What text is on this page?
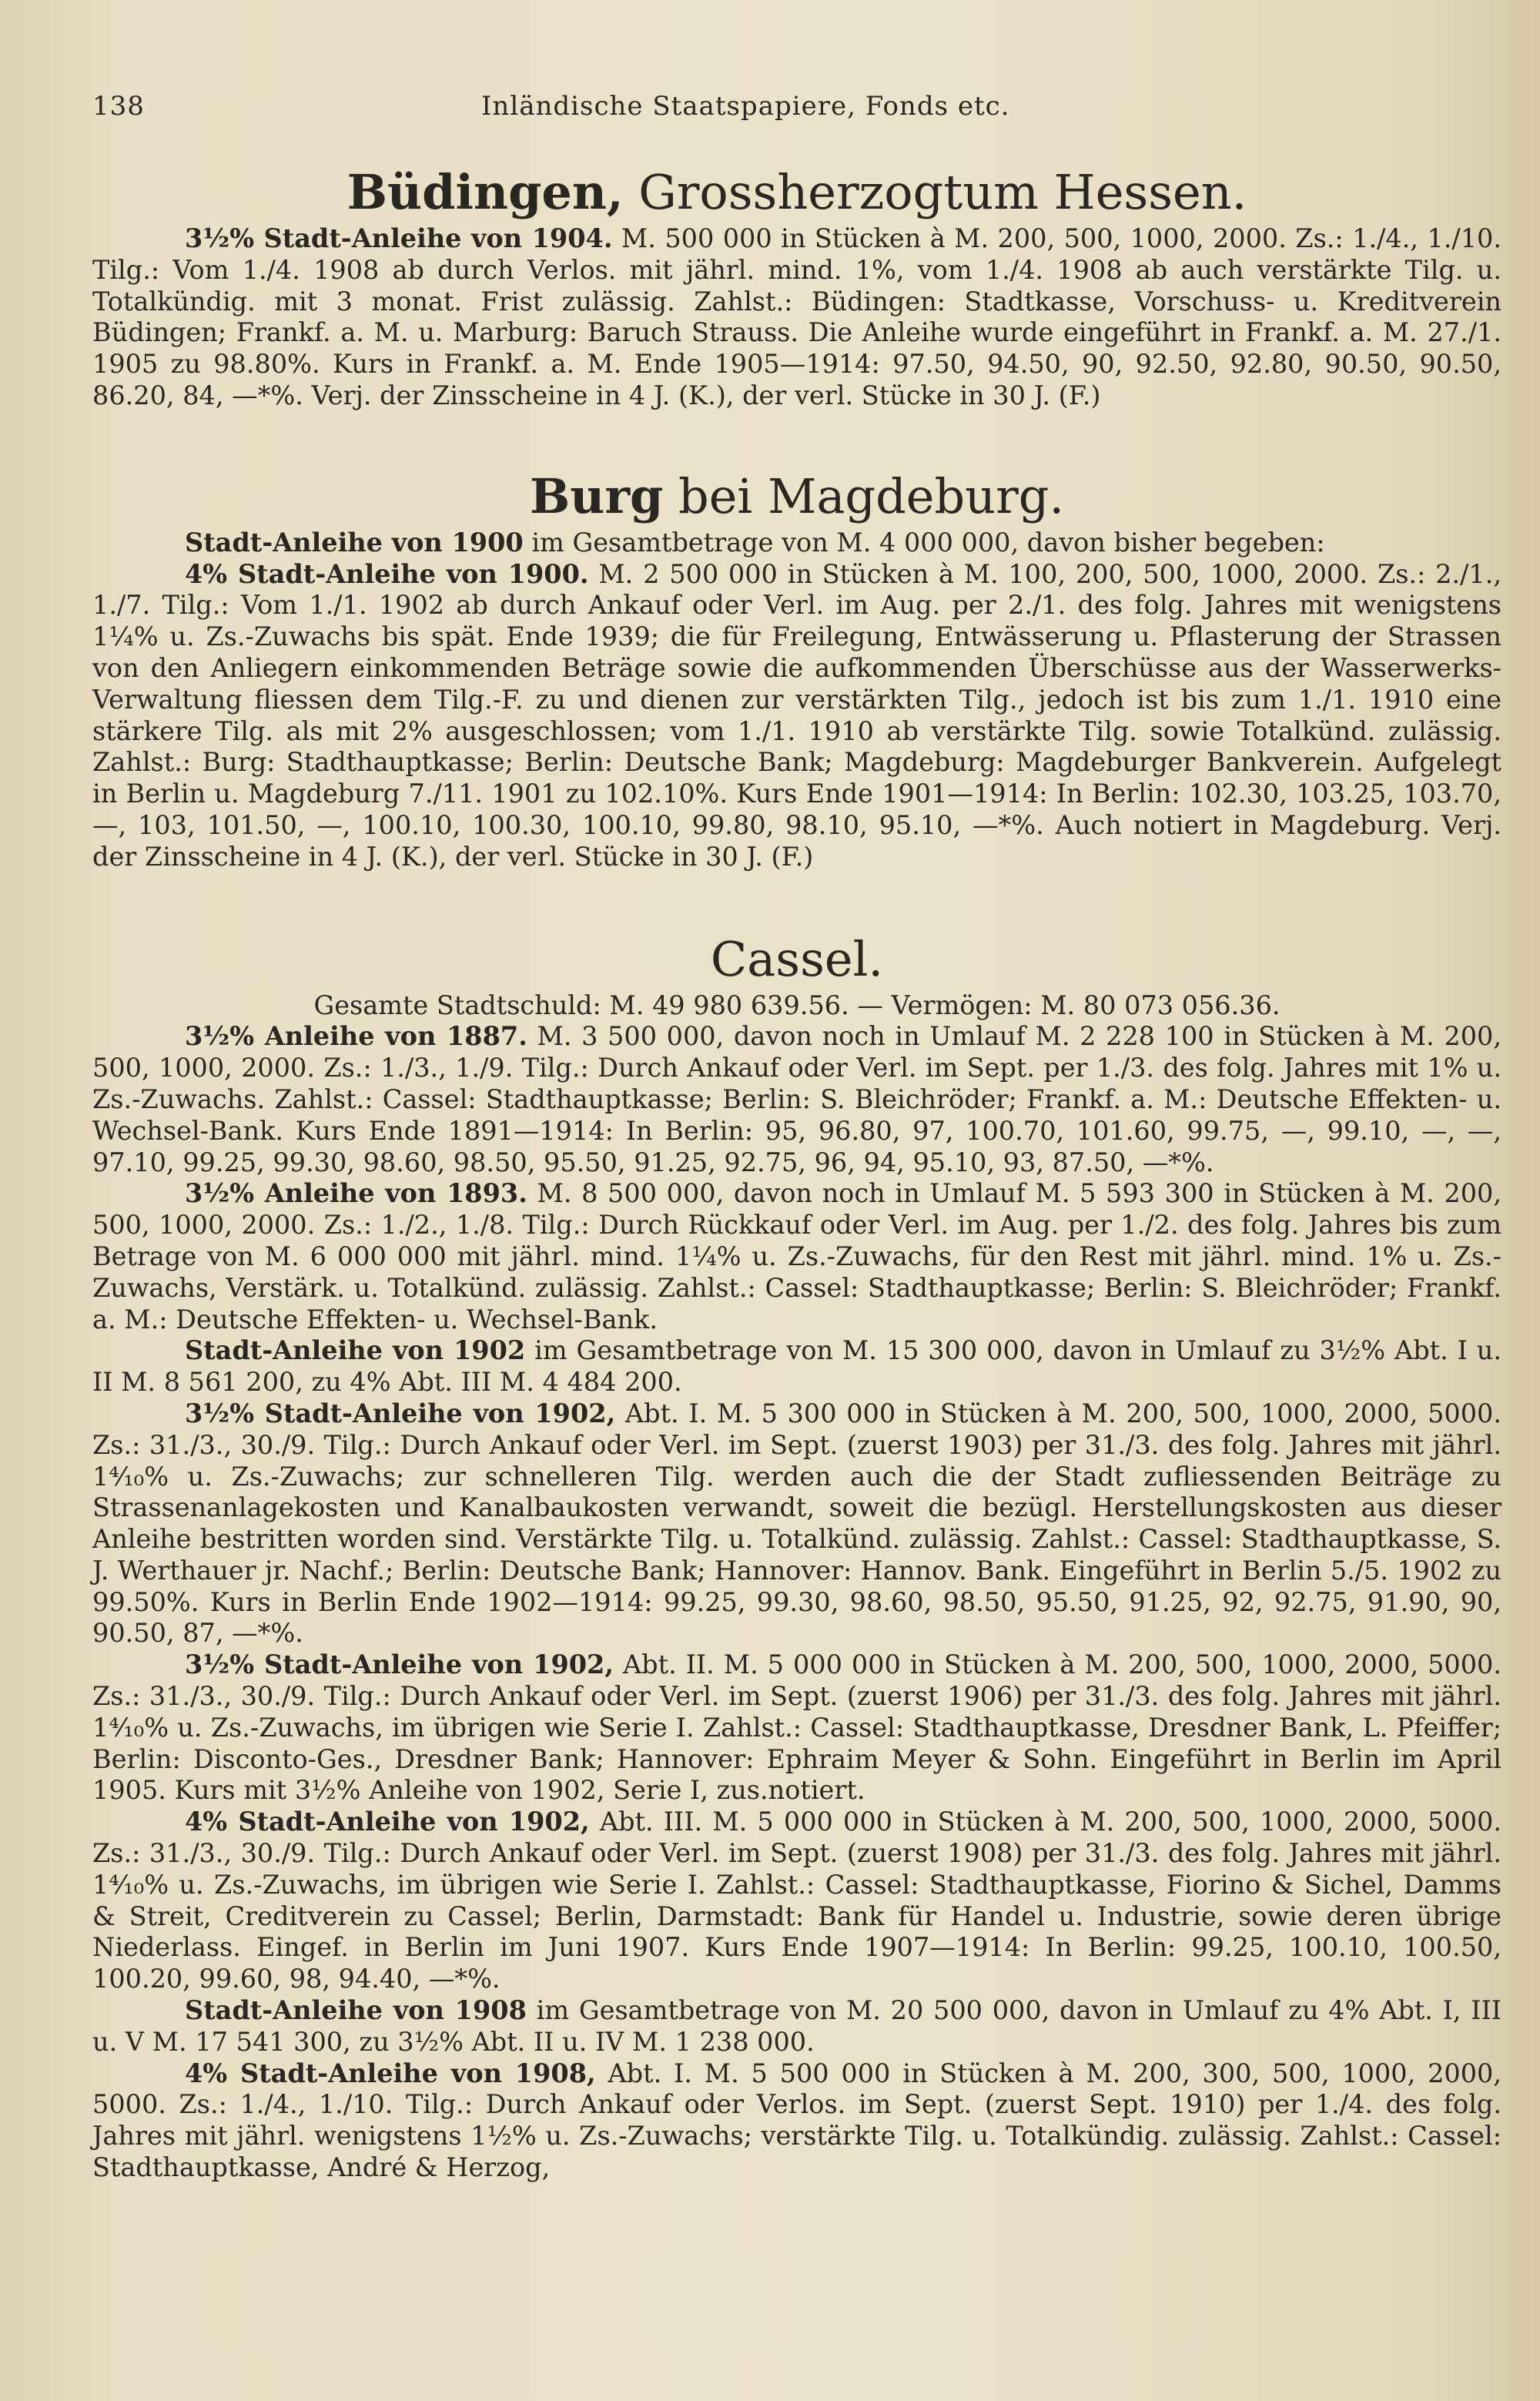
138	Inländische Staatspapiere, Fonds etc.
Büdingen, Grossherzogtum Hessen.

3½% Stadt-Anleihe von 1904. M. 500 000 in Stücken à M. 200, 500, 1000, 2000. Zs.: 1./4., 1./10. Tilg.: Vom 1./4. 1908 ab durch Verlos. mit jährl. mind. 1%, vom 1./4. 1908 ab auch verstärkte Tilg. u. Totalkündig. mit 3 monat. Frist zulässig. Zahlst.: Büdingen: Stadtkasse, Vorschuss- u. Kreditverein Büdingen; Frankf. a. M. u. Marburg: Baruch Strauss. Die Anleihe wurde eingeführt in Frankf. a. M. 27./1. 1905 zu 98.80%. Kurs in Frankf. a. M. Ende 1905—1914: 97.50, 94.50, 90, 92.50, 92.80, 90.50, 90.50, 86.20, 84, —*%. Verj. der Zinsscheine in 4 J. (K.), der verl. Stücke in 30 J. (F.)

Burg bei Magdeburg.

Stadt-Anleihe von 1900 im Gesamtbetrage von M. 4 000 000, davon bisher begeben:

4% Stadt-Anleihe von 1900. M. 2 500 000 in Stücken à M. 100, 200, 500, 1000, 2000. Zs.: 2./1., 1./7. Tilg.: Vom 1./1. 1902 ab durch Ankauf oder Verl. im Aug. per 2./1. des folg. Jahres mit wenigstens 1¼% u. Zs.-Zuwachs bis spät. Ende 1939; die für Freilegung, Entwässerung u. Pflasterung der Strassen von den Anliegern einkommenden Beträge sowie die aufkommenden Überschüsse aus der Wasserwerks-Verwaltung fliessen dem Tilg.-F. zu und dienen zur verstärkten Tilg., jedoch ist bis zum 1./1. 1910 eine stärkere Tilg. als mit 2% ausgeschlossen; vom 1./1. 1910 ab verstärkte Tilg. sowie Totalkünd. zulässig. Zahlst.: Burg: Stadthauptkasse; Berlin: Deutsche Bank; Magdeburg: Magdeburger Bankverein. Aufgelegt in Berlin u. Magdeburg 7./11. 1901 zu 102.10%. Kurs Ende 1901—1914: In Berlin: 102.30, 103.25, 103.70, —, 103, 101.50, —, 100.10, 100.30, 100.10, 99.80, 98.10, 95.10, —*%. Auch notiert in Magdeburg. Verj. der Zinsscheine in 4 J. (K.), der verl. Stücke in 30 J. (F.)

Cassel.

Gesamte Stadtschuld: M. 49 980 639.56. — Vermögen: M. 80 073 056.36.

3½% Anleihe von 1887. M. 3 500 000, davon noch in Umlauf M. 2 228 100 in Stücken à M. 200, 500, 1000, 2000. Zs.: 1./3., 1./9. Tilg.: Durch Ankauf oder Verl. im Sept. per 1./3. des folg. Jahres mit 1% u. Zs.-Zuwachs. Zahlst.: Cassel: Stadthauptkasse; Berlin: S. Bleichröder; Frankf. a. M.: Deutsche Effekten- u. Wechsel-Bank. Kurs Ende 1891—1914: In Berlin: 95, 96.80, 97, 100.70, 101.60, 99.75, —, 99.10, —, —, 97.10, 99.25, 99.30, 98.60, 98.50, 95.50, 91.25, 92.75, 96, 94, 95.10, 93, 87.50, —*%.

3½% Anleihe von 1893. M. 8 500 000, davon noch in Umlauf M. 5 593 300 in Stücken à M. 200, 500, 1000, 2000. Zs.: 1./2., 1./8. Tilg.: Durch Rückkauf oder Verl. im Aug. per 1./2. des folg. Jahres bis zum Betrage von M. 6 000 000 mit jährl. mind. 1¼% u. Zs.-Zuwachs, für den Rest mit jährl. mind. 1% u. Zs.-Zuwachs, Verstärk. u. Totalkünd. zulässig. Zahlst.: Cassel: Stadthauptkasse; Berlin: S. Bleichröder; Frankf. a. M.: Deutsche Effekten- u. Wechsel-Bank.

Stadt-Anleihe von 1902 im Gesamtbetrage von M. 15 300 000, davon in Umlauf zu 3½% Abt. I u. II M. 8 561 200, zu 4% Abt. III M. 4 484 200.

3½% Stadt-Anleihe von 1902, Abt. I. M. 5 300 000 in Stücken à M. 200, 500, 1000, 2000, 5000. Zs.: 31./3., 30./9. Tilg.: Durch Ankauf oder Verl. im Sept. (zuerst 1903) per 31./3. des folg. Jahres mit jährl. 1⁴⁄₁₀% u. Zs.-Zuwachs; zur schnelleren Tilg. werden auch die der Stadt zufliessenden Beiträge zu Strassenanlagekosten und Kanalbaukosten verwandt, soweit die bezügl. Herstellungskosten aus dieser Anleihe bestritten worden sind. Verstärkte Tilg. u. Totalkünd. zulässig. Zahlst.: Cassel: Stadthauptkasse, S. J. Werthauer jr. Nachf.; Berlin: Deutsche Bank; Hannover: Hannov. Bank. Eingeführt in Berlin 5./5. 1902 zu 99.50%. Kurs in Berlin Ende 1902—1914: 99.25, 99.30, 98.60, 98.50, 95.50, 91.25, 92, 92.75, 91.90, 90, 90.50, 87, —*%.

3½% Stadt-Anleihe von 1902, Abt. II. M. 5 000 000 in Stücken à M. 200, 500, 1000, 2000, 5000. Zs.: 31./3., 30./9. Tilg.: Durch Ankauf oder Verl. im Sept. (zuerst 1906) per 31./3. des folg. Jahres mit jährl. 1⁴⁄₁₀% u. Zs.-Zuwachs, im übrigen wie Serie I. Zahlst.: Cassel: Stadthauptkasse, Dresdner Bank, L. Pfeiffer; Berlin: Disconto-Ges., Dresdner Bank; Hannover: Ephraim Meyer & Sohn. Eingeführt in Berlin im April 1905. Kurs mit 3½% Anleihe von 1902, Serie I, zus.notiert.

4% Stadt-Anleihe von 1902, Abt. III. M. 5 000 000 in Stücken à M. 200, 500, 1000, 2000, 5000. Zs.: 31./3., 30./9. Tilg.: Durch Ankauf oder Verl. im Sept. (zuerst 1908) per 31./3. des folg. Jahres mit jährl. 1⁴⁄₁₀% u. Zs.-Zuwachs, im übrigen wie Serie I. Zahlst.: Cassel: Stadthauptkasse, Fiorino & Sichel, Damms & Streit, Creditverein zu Cassel; Berlin, Darmstadt: Bank für Handel u. Industrie, sowie deren übrige Niederlass. Eingef. in Berlin im Juni 1907. Kurs Ende 1907—1914: In Berlin: 99.25, 100.10, 100.50, 100.20, 99.60, 98, 94.40, —*%.

Stadt-Anleihe von 1908 im Gesamtbetrage von M. 20 500 000, davon in Umlauf zu 4% Abt. I, III u. V M. 17 541 300, zu 3½% Abt. II u. IV M. 1 238 000.

4% Stadt-Anleihe von 1908, Abt. I. M. 5 500 000 in Stücken à M. 200, 300, 500, 1000, 2000, 5000. Zs.: 1./4., 1./10. Tilg.: Durch Ankauf oder Verlos. im Sept. (zuerst Sept. 1910) per 1./4. des folg. Jahres mit jährl. wenigstens 1½% u. Zs.-Zuwachs; verstärkte Tilg. u. Totalkündig. zulässig. Zahlst.: Cassel: Stadthauptkasse, André & Herzog,
